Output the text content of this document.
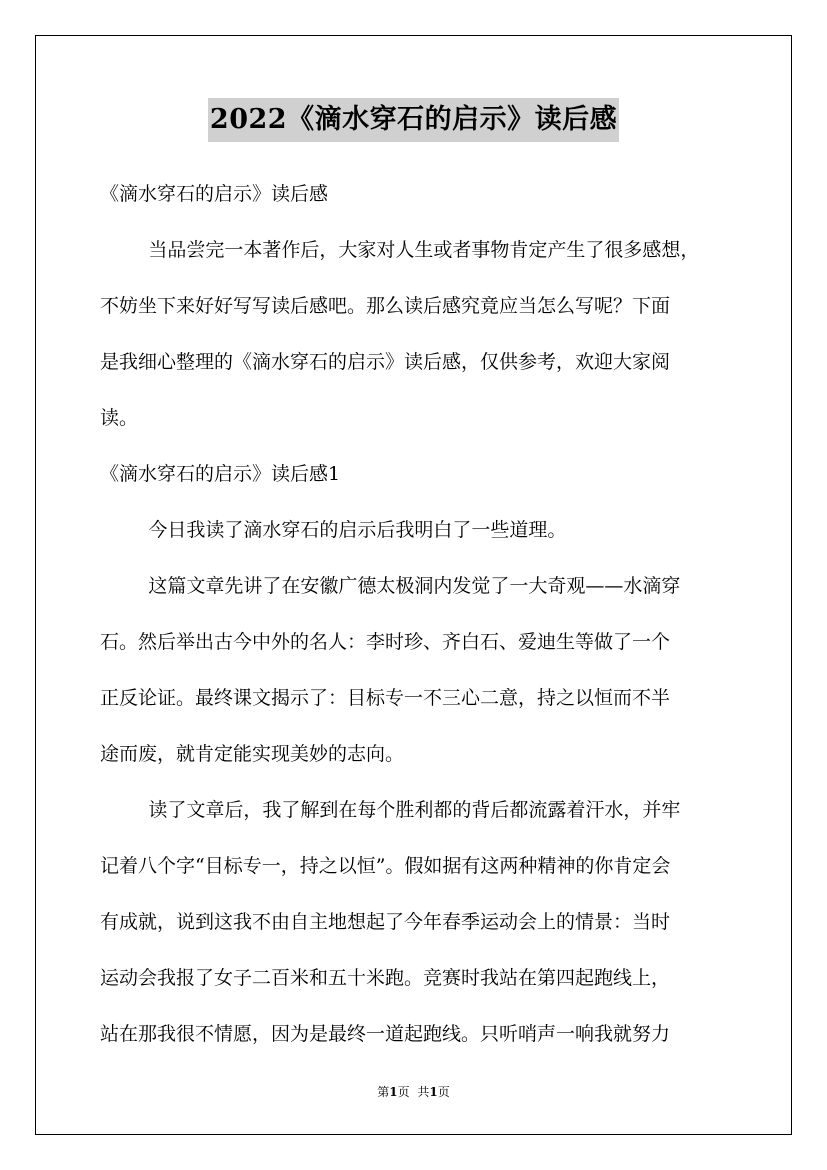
2022《滴水穿石的启示》读后感
《滴水穿石的启示》读后感
当品尝完一本著作后，大家对人生或者事物肯定产生了很多感想，
不妨坐下来好好写写读后感吧。那么读后感究竟应当怎么写呢？下面
是我细心整理的《滴水穿石的启示》读后感，仅供参考，欢迎大家阅
读。
《滴水穿石的启示》读后感1
今日我读了滴水穿石的启示后我明白了一些道理。
这篇文章先讲了在安徽广德太极洞内发觉了一大奇观——水滴穿
石。然后举出古今中外的名人：李时珍、齐白石、爱迪生等做了一个
正反论证。最终课文揭示了：目标专一不三心二意，持之以恒而不半
途而废，就肯定能实现美妙的志向。
读了文章后，我了解到在每个胜利都的背后都流露着汗水，并牢
记着八个字“目标专一，持之以恒”。假如据有这两种精神的你肯定会
有成就，说到这我不由自主地想起了今年春季运动会上的情景：当时
运动会我报了女子二百米和五十米跑。竞赛时我站在第四起跑线上，
站在那我很不情愿，因为是最终一道起跑线。只听哨声一响我就努力
第1页 共1页
